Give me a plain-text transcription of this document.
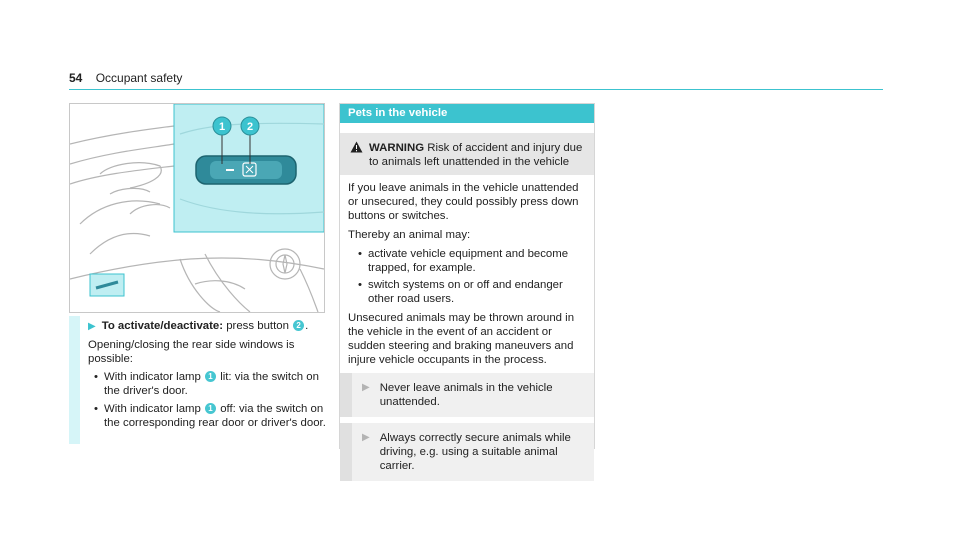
54 Occupant safety
1 2

▶ To activate/deactivate: press button 2 .

Opening/closing the rear side windows is possible:

• With indicator lamp 1 lit: via the switch on the driver's door.
• With indicator lamp 1 off: via the switch on the corresponding rear door or driver's door.
Pets in the vehicle
WARNING Risk of accident and injury due to animals left unattended in the vehicle

If you leave animals in the vehicle unattended or unsecured, they could possibly press down buttons or switches.

Thereby an animal may:

• activate vehicle equipment and become trapped, for example.
• switch systems on or off and endanger other road users.

Unsecured animals may be thrown around in the vehicle in the event of an accident or sudden steering and braking maneuvers and injure vehicle occupants in the process.

▶ Never leave animals in the vehicle unattended.
▶ Always correctly secure animals while driving, e.g. using a suitable animal carrier.
